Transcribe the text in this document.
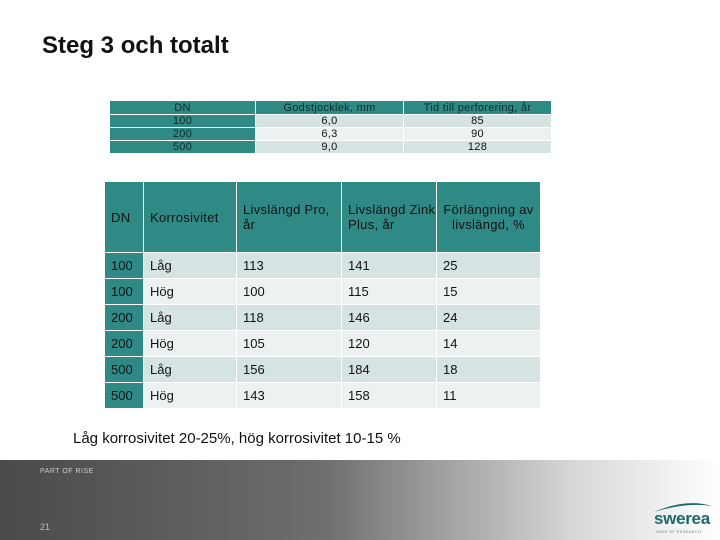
Steg 3 och totalt
DN	Godstjocklek, mm	Tid till perforering, år
100	6,0	85
200	6,3	90
500	9,0	128
DN	Korrosivitet	Livslängd Pro, år	Livslängd Zink Plus, år	Förlängning av livslängd, %
100	Låg	113	141	25
100	Hög	100	115	15
200	Låg	118	146	24
200	Hög	105	120	14
500	Låg	156	184	18
500	Hög	143	158	11
Låg korrosivitet 20-25%, hög korrosivitet 10-15 %
PART OF RISE
21	swerea
SAVE OF RESEARCH
